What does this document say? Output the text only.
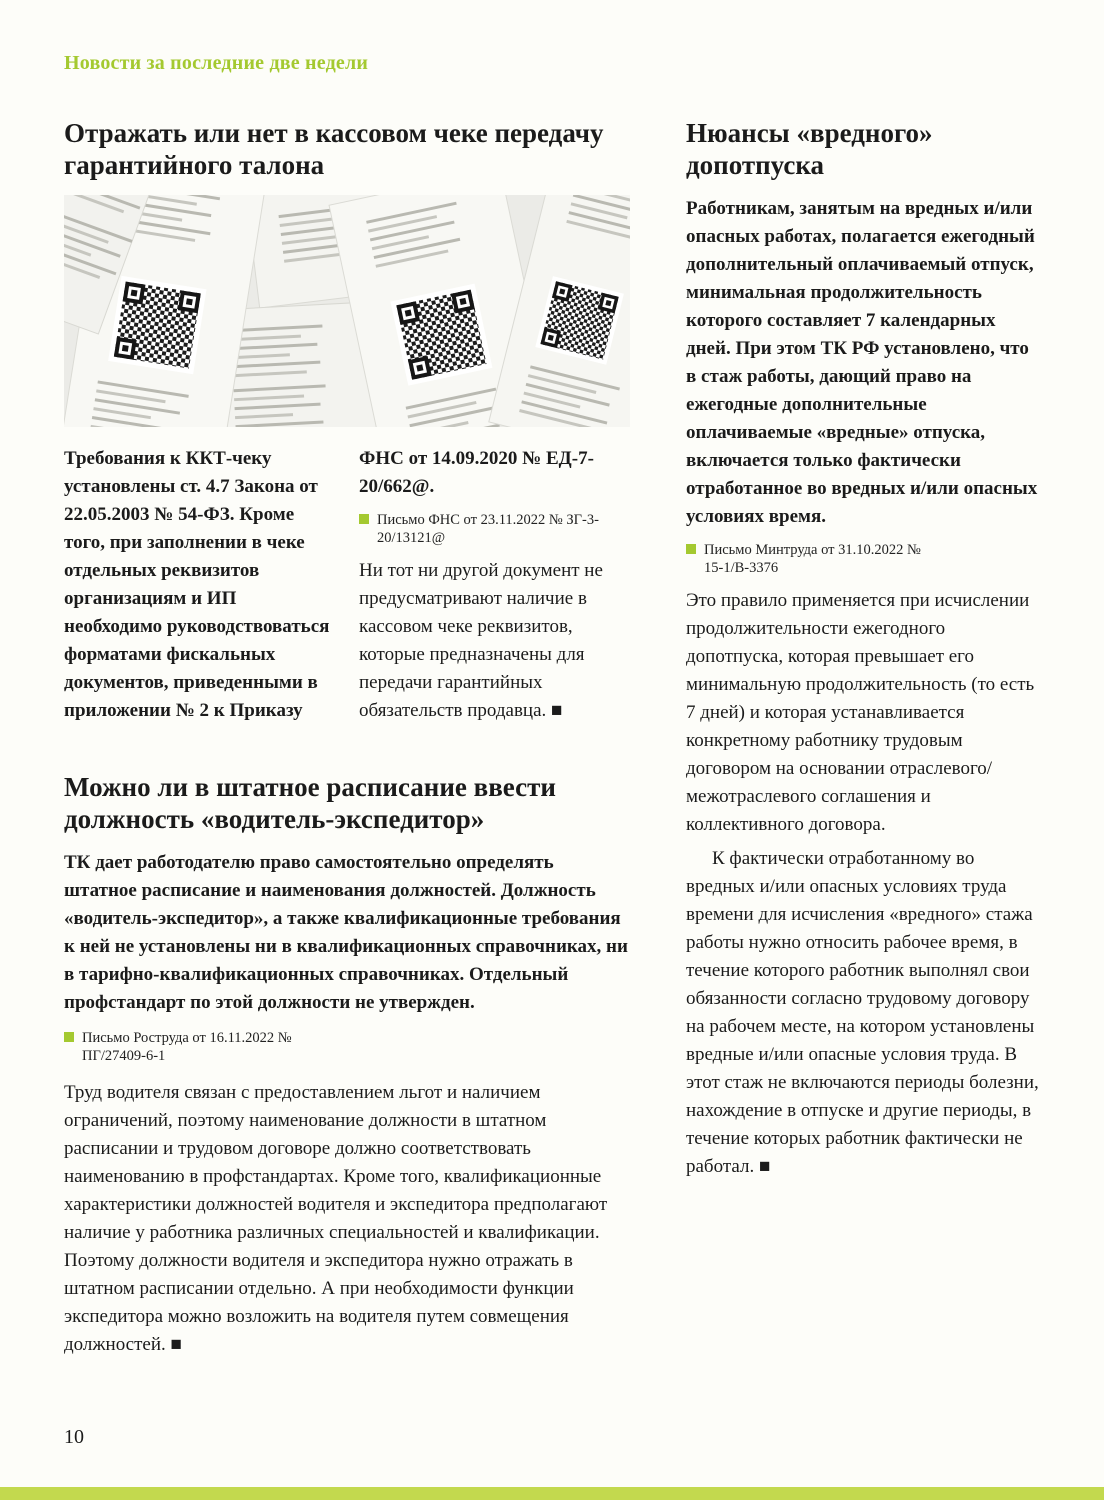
Новости за последние две недели
Отражать или нет в кассовом чеке передачу гарантийного талона

Требования к ККТ-чеку установлены ст. 4.7 Закона от 22.05.2003 № 54-ФЗ. Кроме того, при заполнении в чеке отдельных реквизитов организациям и ИП необходимо руководствоваться форматами фискальных документов, приведенными в приложении № 2 к Приказу

ФНС от 14.09.2020 № ЕД-7-20/662@.

Письмо ФНС от 23.11.2022 № ЗГ-3-20/13121@

Ни тот ни другой документ не предусматривают наличие в кассовом чеке реквизитов, которые предназначены для передачи гарантийных обязательств продавца. ■

Можно ли в штатное расписание ввести должность «водитель-экспедитор»

ТК дает работодателю право самостоятельно определять штатное расписание и наименования должностей. Должность «водитель-экспедитор», а также квалификационные требования к ней не установлены ни в квалификационных справочниках, ни в тарифно-квалификационных справочниках. Отдельный профстандарт по этой должности не утвержден.

Письмо Роструда от 16.11.2022 № ПГ/27409-6-1

Труд водителя связан с предоставлением льгот и наличием ограничений, поэтому наименование должности в штатном расписании и трудовом договоре должно соответствовать наименованию в профстандартах. Кроме того, квалификационные характеристики должностей водителя и экспедитора предполагают наличие у работника различных специальностей и квалификации. Поэтому должности водителя и экспедитора нужно отражать в штатном расписании отдельно. А при необходимости функции экспедитора можно возложить на водителя путем совмещения должностей. ■

Нюансы «вредного» допотпуска

Работникам, занятым на вредных и/или опасных работах, полагается ежегодный дополнительный оплачиваемый отпуск, минимальная продолжительность которого составляет 7 календарных дней. При этом ТК РФ установлено, что в стаж работы, дающий право на ежегодные дополнительные оплачиваемые «вредные» отпуска, включается только фактически отработанное во вредных и/или опасных условиях время.

Письмо Минтруда от 31.10.2022 № 15-1/В-3376

Это правило применяется при исчислении продолжительности ежегодного допотпуска, которая превышает его минимальную продолжительность (то есть 7 дней) и которая устанавливается конкретному работнику трудовым договором на основании отраслевого/межотраслевого соглашения и коллективного договора.

К фактически отработанному во вредных и/или опасных условиях труда времени для исчисления «вредного» стажа работы нужно относить рабочее время, в течение которого работник выполнял свои обязанности согласно трудовому договору на рабочем месте, на котором установлены вредные и/или опасные условия труда. В этот стаж не включаются периоды болезни, нахождение в отпуске и другие периоды, в течение которых работник фактически не работал. ■

10
